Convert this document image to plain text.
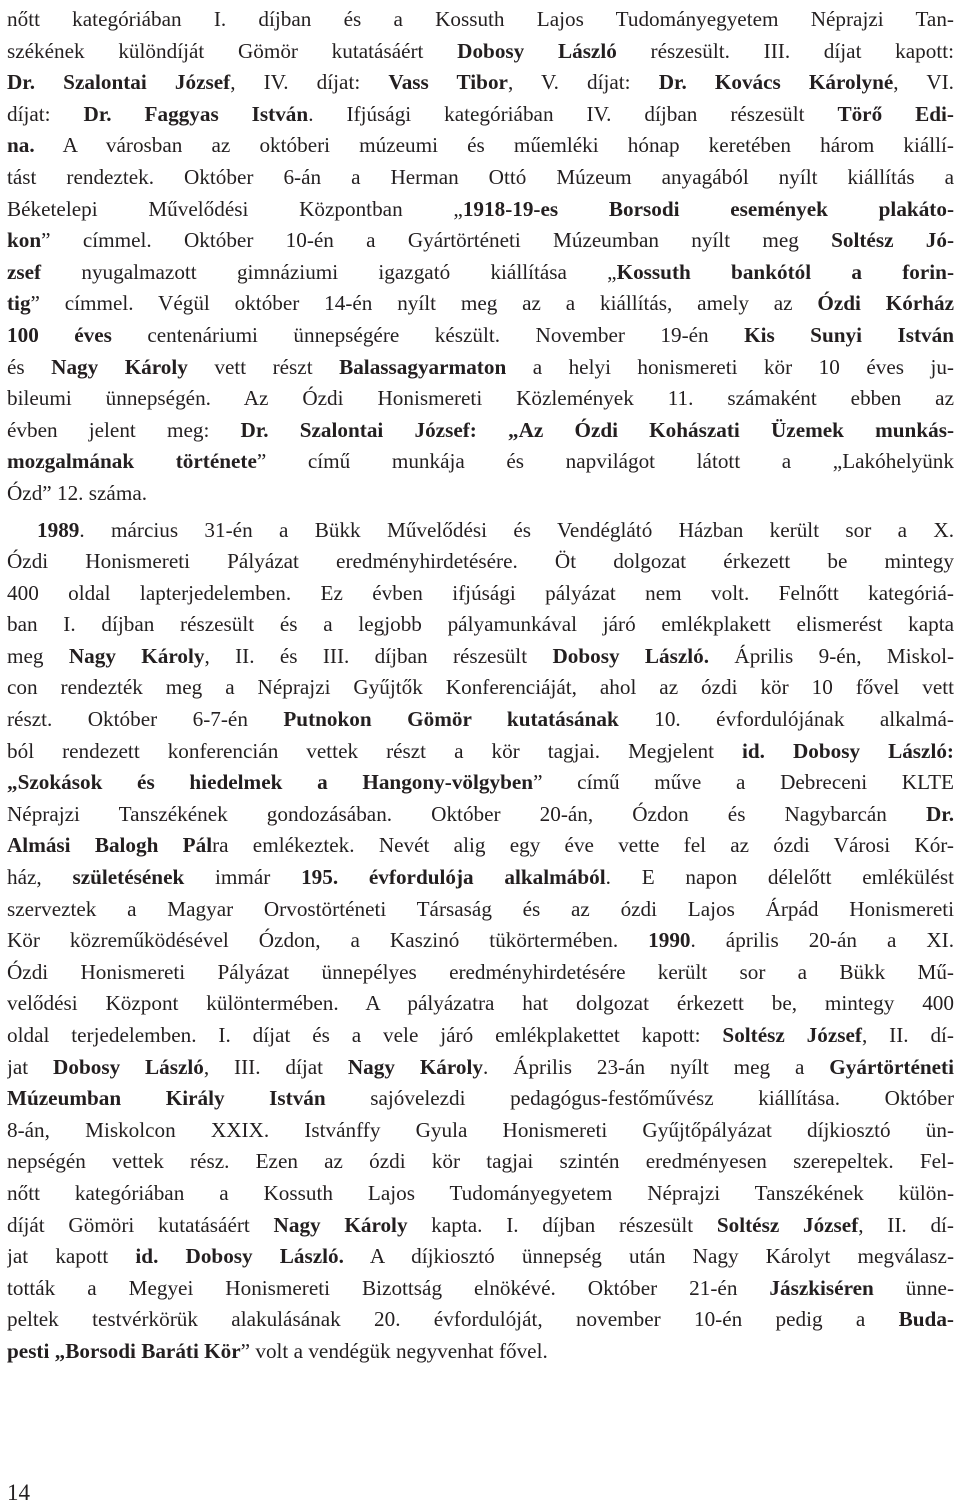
nőtt kategóriában I. díjban és a Kossuth Lajos Tudományegyetem Néprajzi Tan-
székének különdíját Gömör kutatásáért Dobosy László részesült. III. díjat kapott:
Dr. Szalontai József, IV. díjat: Vass Tibor, V. díjat: Dr. Kovács Károlyné, VI.
díjat: Dr. Faggyas István. Ifjúsági kategóriában IV. díjban részesült Törő Edi-
na. A városban az októberi múzeumi és műemléki hónap keretében három kiállí-
tást rendeztek. Október 6-án a Herman Ottó Múzeum anyagából nyílt kiállítás a
Béketelepi Művelődési Központban „1918-19-es Borsodi események plakáto-
kon” címmel. Október 10-én a Gyártörténeti Múzeumban nyílt meg Soltész Jó-
zsef nyugalmazott gimnáziumi igazgató kiállítása „Kossuth bankótól a forin-
tig” címmel. Végül október 14-én nyílt meg az a kiállítás, amely az Ózdi Kórház
100 éves centenáriumi ünnepségére készült. November 19-én Kis Sunyi István
és Nagy Károly vett részt Balassagyarmaton a helyi honismereti kör 10 éves ju-
bileumi ünnepségén. Az Ózdi Honismereti Közlemények 11. számaként ebben az
évben jelent meg: Dr. Szalontai József: „Az Ózdi Kohászati Üzemek munkás-
mozgalmának története” című munkája és napvilágot látott a „Lakóhelyünk
Ózd” 12. száma.
1989. március 31-én a Bükk Művelődési és Vendéglátó Házban került sor a X.
Ózdi Honismereti Pályázat eredményhirdetésére. Öt dolgozat érkezett be mintegy
400 oldal lapterjedelemben. Ez évben ifjúsági pályázat nem volt. Felnőtt kategóriá-
ban I. díjban részesült és a legjobb pályamunkával járó emlékplakett elismerést kapta
meg Nagy Károly, II. és III. díjban részesült Dobosy László. Április 9-én, Miskol-
con rendezték meg a Néprajzi Gyűjtők Konferenciáját, ahol az ózdi kör 10 fővel vett
részt. Október 6-7-én Putnokon Gömör kutatásának 10. évfordulójának alkalmá-
ból rendezett konferencián vettek részt a kör tagjai. Megjelent id. Dobosy László:
„Szokások és hiedelmek a Hangony-völgyben” című műve a Debreceni KLTE
Néprajzi Tanszékének gondozásában. Október 20-án, Ózdon és Nagybarcán Dr.
Almási Balogh Pálra emlékeztek. Nevét alig egy éve vette fel az ózdi Városi Kór-
ház, születésének immár 195. évfordulója alkalmából. E napon délelőtt emlékülést
szerveztek a Magyar Orvostörténeti Társaság és az ózdi Lajos Árpád Honismereti
Kör közreműködésével Ózdon, a Kaszinó tükörtermében. 1990. április 20-án a XI.
Ózdi Honismereti Pályázat ünnepélyes eredményhirdetésére került sor a Bükk Mű-
velődési Központ különtermében. A pályázatra hat dolgozat érkezett be, mintegy 400
oldal terjedelemben. I. díjat és a vele járó emlékplakettet kapott: Soltész József, II. dí-
jat Dobosy László, III. díjat Nagy Károly. Április 23-án nyílt meg a Gyártörténeti
Múzeumban Király István sajóvelezdi pedagógus-festőművész kiállítása. Október
8-án, Miskolcon XXIX. Istvánffy Gyula Honismereti Gyűjtőpályázat díjkiosztó ün-
nepségén vettek rész. Ezen az ózdi kör tagjai szintén eredményesen szerepeltek. Fel-
nőtt kategóriában a Kossuth Lajos Tudományegyetem Néprajzi Tanszékének külön-
díját Gömöri kutatásáért Nagy Károly kapta. I. díjban részesült Soltész József, II. dí-
jat kapott id. Dobosy László. A díjkiosztó ünnepség után Nagy Károlyt megválasz-
tották a Megyei Honismereti Bizottság elnökévé. Október 21-én Jászkiséren ünne-
peltek testvérkörük alakulásának 20. évfordulóját, november 10-én pedig a Buda-
pesti „Borsodi Baráti Kör” volt a vendégük negyvenhat fővel.
14
